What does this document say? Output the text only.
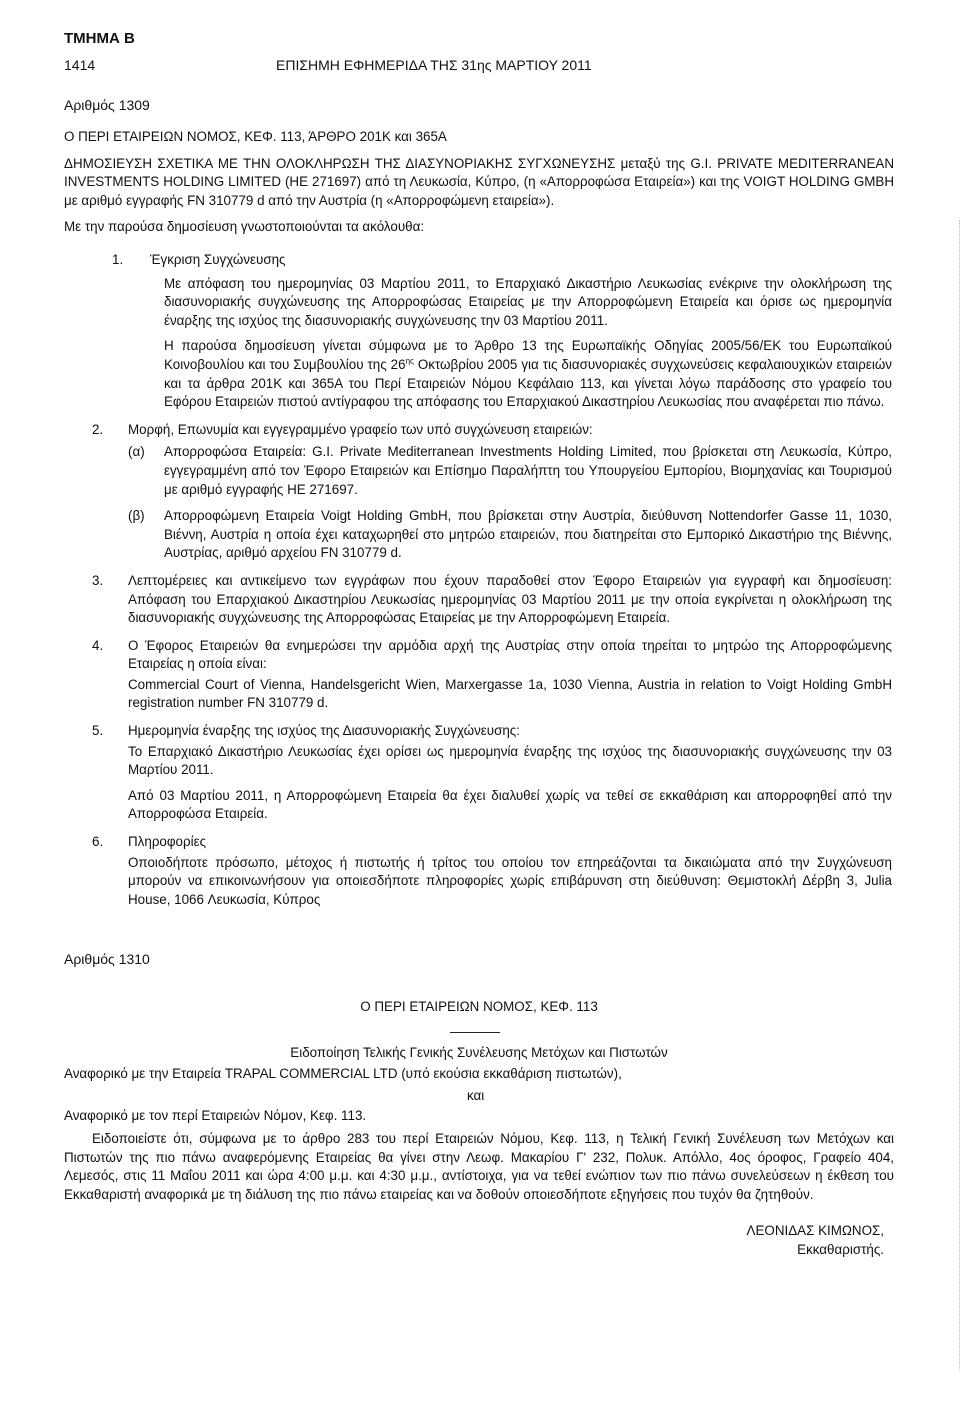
ΤΜΗΜΑ Β
1414	ΕΠΙΣΗΜΗ ΕΦΗΜΕΡΙΔΑ ΤΗΣ 31ης ΜΑΡΤΙΟΥ 2011
Αριθμός 1309

Ο ΠΕΡΙ ΕΤΑΙΡΕΙΩΝ ΝΟΜΟΣ, ΚΕΦ. 113, ΆΡΘΡΟ 201Κ και 365Α

ΔΗΜΟΣΙΕΥΣΗ ΣΧΕΤΙΚΑ ΜΕ ΤΗΝ ΟΛΟΚΛΗΡΩΣΗ ΤΗΣ ΔΙΑΣΥΝΟΡΙΑΚΗΣ ΣΥΓΧΩΝΕΥΣΗΣ μεταξύ της G.I. PRIVATE MEDITERRANEAN INVESTMENTS HOLDING LIMITED (ΗΕ 271697) από τη Λευκωσία, Κύπρο, (η «Απορροφώσα Εταιρεία») και της VOIGT HOLDING GMBH με αριθμό εγγραφής FN 310779 d από την Αυστρία (η «Απορροφώμενη εταιρεία»).

Με την παρούσα δημοσίευση γνωστοποιούνται τα ακόλουθα:

1. Έγκριση Συγχώνευσης

Με απόφαση του ημερομηνίας 03 Μαρτίου 2011, το Επαρχιακό Δικαστήριο Λευκωσίας ενέκρινε την ολοκλήρωση της διασυνοριακής συγχώνευσης της Απορροφώσας Εταιρείας με την Απορροφώμενη Εταιρεία και όρισε ως ημερομηνία έναρξης της ισχύος της διασυνοριακής συγχώνευσης την 03 Μαρτίου 2011.

Η παρούσα δημοσίευση γίνεται σύμφωνα με το Άρθρο 13 της Ευρωπαϊκής Οδηγίας 2005/56/ΕΚ του Ευρωπαϊκού Κοινοβουλίου και του Συμβουλίου της $26^{\eta\varsigma}$ Οκτωβρίου 2005 για τις διασυνοριακές συγχωνεύσεις κεφαλαιουχικών εταιρειών και τα άρθρα 201Κ και 365Α του Περί Εταιρειών Νόμου Κεφάλαιο 113, και γίνεται λόγω παράδοσης στο γραφείο του Εφόρου Εταιρειών πιστού αντίγραφου της απόφασης του Επαρχιακού Δικαστηρίου Λευκωσίας που αναφέρεται πιο πάνω.

2. Μορφή, Επωνυμία και εγγεγραμμένο γραφείο των υπό συγχώνευση εταιρειών:

(α) Απορροφώσα Εταιρεία: G.I. Private Mediterranean Investments Holding Limited, που βρίσκεται στη Λευκωσία, Κύπρο, εγγεγραμμένη από τον Έφορο Εταιρειών και Επίσημο Παραλήπτη του Υπουργείου Εμπορίου, Βιομηχανίας και Τουρισμού με αριθμό εγγραφής ΗΕ 271697.

(β) Απορροφώμενη Εταιρεία Voigt Holding GmbH, που βρίσκεται στην Αυστρία, διεύθυνση Nottendorfer Gasse 11, 1030, Βιέννη, Αυστρία η οποία έχει καταχωρηθεί στο μητρώο εταιρειών, που διατηρείται στο Εμπορικό Δικαστήριο της Βιέννης, Αυστρίας, αριθμό αρχείου FN 310779 d.

3. Λεπτομέρειες και αντικείμενο των εγγράφων που έχουν παραδοθεί στον Έφορο Εταιρειών για εγγραφή και δημοσίευση: Απόφαση του Επαρχιακού Δικαστηρίου Λευκωσίας ημερομηνίας 03 Μαρτίου 2011 με την οποία εγκρίνεται η ολοκλήρωση της διασυνοριακής συγχώνευσης της Απορροφώσας Εταιρείας με την Απορροφώμενη Εταιρεία.

4. Ο Έφορος Εταιρειών θα ενημερώσει την αρμόδια αρχή της Αυστρίας στην οποία τηρείται το μητρώο της Απορροφώμενης Εταιρείας η οποία είναι:

Commercial Court of Vienna, Handelsgericht Wien, Marxergasse 1a, 1030 Vienna, Austria in relation to Voigt Holding GmbH registration number FN 310779 d.

5. Ημερομηνία έναρξης της ισχύος της Διασυνοριακής Συγχώνευσης:

Το Επαρχιακό Δικαστήριο Λευκωσίας έχει ορίσει ως ημερομηνία έναρξης της ισχύος της διασυνοριακής συγχώνευσης την 03 Μαρτίου 2011.

Από 03 Μαρτίου 2011, η Απορροφώμενη Εταιρεία θα έχει διαλυθεί χωρίς να τεθεί σε εκκαθάριση και απορροφηθεί από την Απορροφώσα Εταιρεία.

6. Πληροφορίες

Οποιοδήποτε πρόσωπο, μέτοχος ή πιστωτής ή τρίτος του οποίου τον επηρεάζονται τα δικαιώματα από την Συγχώνευση μπορούν να επικοινωνήσουν για οποιεσδήποτε πληροφορίες χωρίς επιβάρυνση στη διεύθυνση: Θεμιστοκλή Δέρβη 3, Julia House, 1066 Λευκωσία, Κύπρος

Αριθμός 1310
Ο ΠΕΡΙ ΕΤΑΙΡΕΙΩΝ ΝΟΜΟΣ, ΚΕΦ. 113
Ειδοποίηση Τελικής Γενικής Συνέλευσης Μετόχων και Πιστωτών
Αναφορικό με την Εταιρεία TRAPAL COMMERCIAL LTD (υπό εκούσια εκκαθάριση πιστωτών),
και
Αναφορικό με τον περί Εταιρειών Νόμον, Κεφ. 113.
Ειδοποιείστε ότι, σύμφωνα με το άρθρο 283 του περί Εταιρειών Νόμου, Κεφ. 113, η Τελική Γενική Συνέλευση των Μετόχων και Πιστωτών της πιο πάνω αναφερόμενης Εταιρείας θα γίνει στην Λεωφ. Μακαρίου Γ' 232, Πολυκ. Απόλλο, 4ος όροφος, Γραφείο 404, Λεμεσός, στις 11 Μαΐου 2011 και ώρα 4:00 μ.μ. και 4:30 μ.μ., αντίστοιχα, για να τεθεί ενώπιον των πιο πάνω συνελεύσεων η έκθεση του Εκκαθαριστή αναφορικά με τη διάλυση της πιο πάνω εταιρείας και να δοθούν οποιεσδήποτε εξηγήσεις που τυχόν θα ζητηθούν.
ΛΕΟΝΙΔΑΣ ΚΙΜΩΝΟΣ,
Εκκαθαριστής.
